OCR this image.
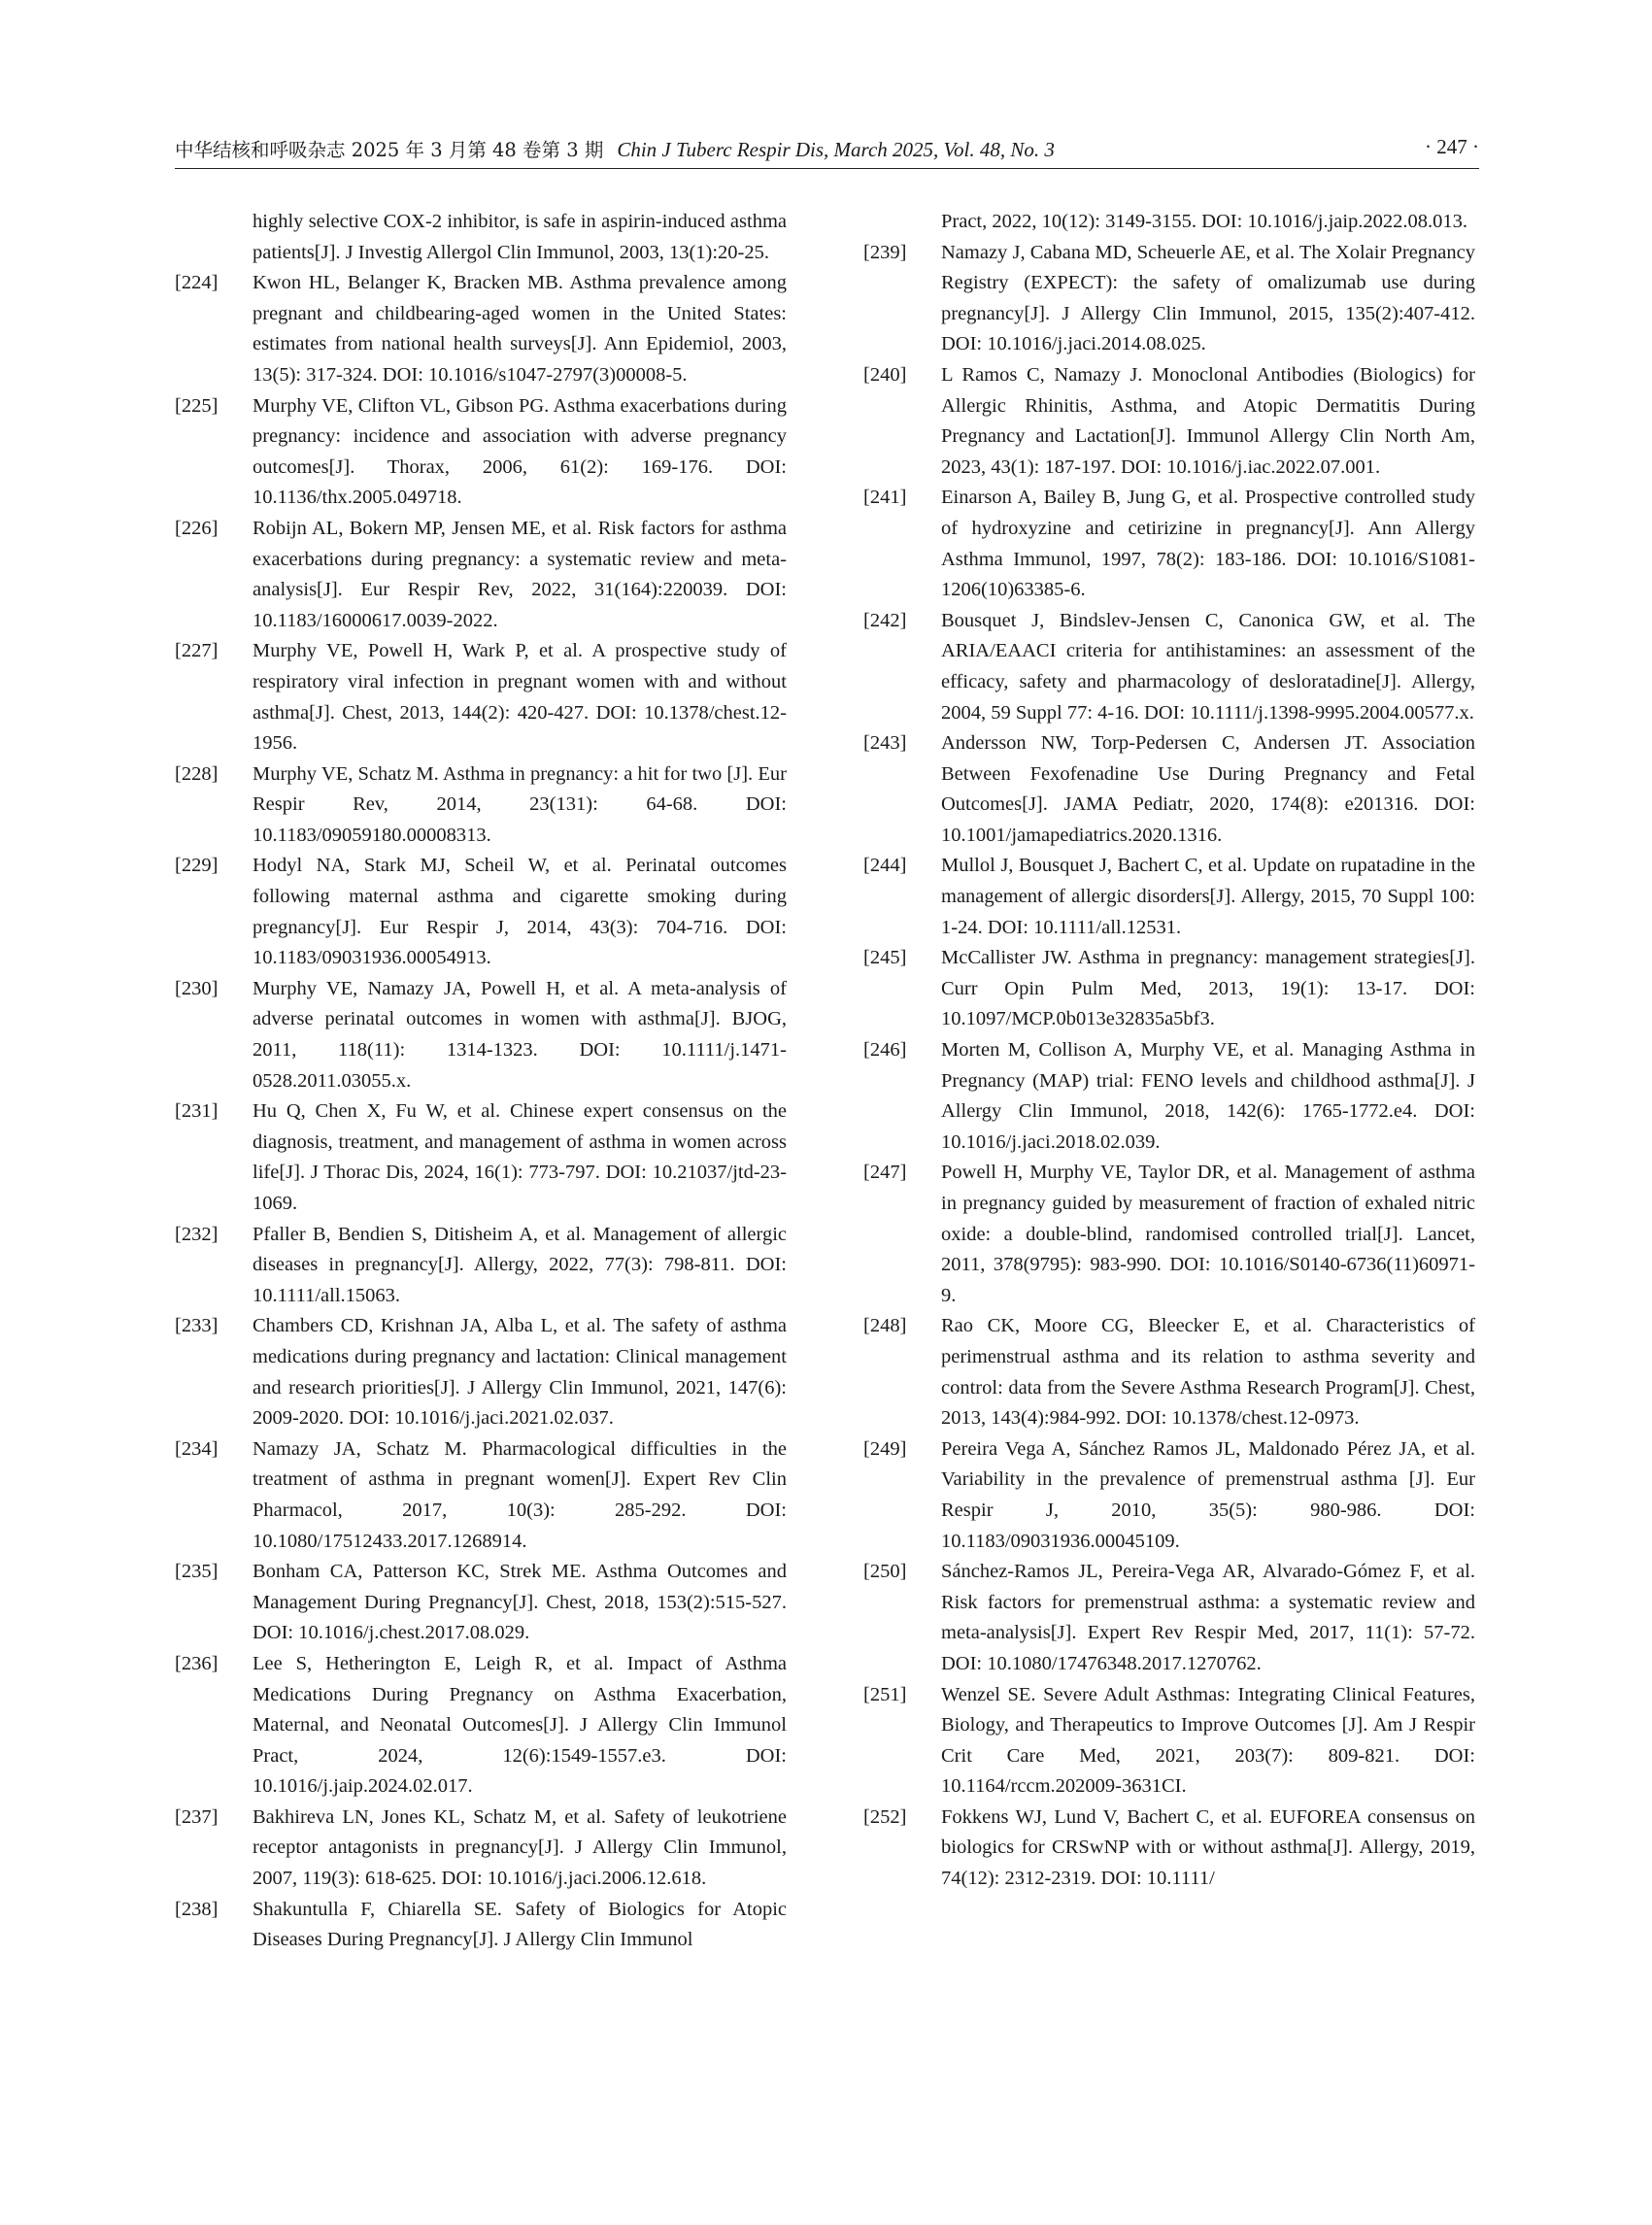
中华结核和呼吸杂志 2025 年 3 月第 48 卷第 3 期 Chin J Tuberc Respir Dis, March 2025, Vol. 48, No. 3	· 247 ·
highly selective COX-2 inhibitor, is safe in aspirin-induced asthma patients[J]. J Investig Allergol Clin Immunol, 2003, 13(1):20-25.
[224]	Kwon HL, Belanger K, Bracken MB. Asthma prevalence among pregnant and childbearing-aged women in the United States: estimates from national health surveys[J]. Ann Epidemiol, 2003, 13(5): 317-324. DOI: 10.1016/s1047-2797(3)00008-5.
[225]	Murphy VE, Clifton VL, Gibson PG. Asthma exacerbations during pregnancy: incidence and association with adverse pregnancy outcomes[J]. Thorax, 2006, 61(2): 169-176. DOI: 10.1136/thx.2005.049718.
[226]	Robijn AL, Bokern MP, Jensen ME, et al. Risk factors for asthma exacerbations during pregnancy: a systematic review and meta-analysis[J]. Eur Respir Rev, 2022, 31(164):220039. DOI: 10.1183/16000617.0039-2022.
[227]	Murphy VE, Powell H, Wark P, et al. A prospective study of respiratory viral infection in pregnant women with and without asthma[J]. Chest, 2013, 144(2): 420-427. DOI: 10.1378/chest.12-1956.
[228]	Murphy VE, Schatz M. Asthma in pregnancy: a hit for two [J]. Eur Respir Rev, 2014, 23(131): 64-68. DOI: 10.1183/09059180.00008313.
[229]	Hodyl NA, Stark MJ, Scheil W, et al. Perinatal outcomes following maternal asthma and cigarette smoking during pregnancy[J]. Eur Respir J, 2014, 43(3): 704-716. DOI: 10.1183/09031936.00054913.
[230]	Murphy VE, Namazy JA, Powell H, et al. A meta-analysis of adverse perinatal outcomes in women with asthma[J]. BJOG, 2011, 118(11): 1314-1323. DOI: 10.1111/j.1471-0528.2011.03055.x.
[231]	Hu Q, Chen X, Fu W, et al. Chinese expert consensus on the diagnosis, treatment, and management of asthma in women across life[J]. J Thorac Dis, 2024, 16(1): 773-797. DOI: 10.21037/jtd-23-1069.
[232]	Pfaller B, Bendien S, Ditisheim A, et al. Management of allergic diseases in pregnancy[J]. Allergy, 2022, 77(3): 798-811. DOI: 10.1111/all.15063.
[233]	Chambers CD, Krishnan JA, Alba L, et al. The safety of asthma medications during pregnancy and lactation: Clinical management and research priorities[J]. J Allergy Clin Immunol, 2021, 147(6): 2009-2020. DOI: 10.1016/j.jaci.2021.02.037.
[234]	Namazy JA, Schatz M. Pharmacological difficulties in the treatment of asthma in pregnant women[J]. Expert Rev Clin Pharmacol, 2017, 10(3): 285-292. DOI: 10.1080/17512433.2017.1268914.
[235]	Bonham CA, Patterson KC, Strek ME. Asthma Outcomes and Management During Pregnancy[J]. Chest, 2018, 153(2):515-527. DOI: 10.1016/j.chest.2017.08.029.
[236]	Lee S, Hetherington E, Leigh R, et al. Impact of Asthma Medications During Pregnancy on Asthma Exacerbation, Maternal, and Neonatal Outcomes[J]. J Allergy Clin Immunol Pract, 2024, 12(6):1549-1557.e3. DOI: 10.1016/j.jaip.2024.02.017.
[237]	Bakhireva LN, Jones KL, Schatz M, et al. Safety of leukotriene receptor antagonists in pregnancy[J]. J Allergy Clin Immunol, 2007, 119(3): 618-625. DOI: 10.1016/j.jaci.2006.12.618.
[238]	Shakuntulla F, Chiarella SE. Safety of Biologics for Atopic Diseases During Pregnancy[J]. J Allergy Clin Immunol
Pract, 2022, 10(12): 3149-3155. DOI: 10.1016/j.jaip.2022.08.013.
[239]	Namazy J, Cabana MD, Scheuerle AE, et al. The Xolair Pregnancy Registry (EXPECT): the safety of omalizumab use during pregnancy[J]. J Allergy Clin Immunol, 2015, 135(2):407-412. DOI: 10.1016/j.jaci.2014.08.025.
[240]	L Ramos C, Namazy J. Monoclonal Antibodies (Biologics) for Allergic Rhinitis, Asthma, and Atopic Dermatitis During Pregnancy and Lactation[J]. Immunol Allergy Clin North Am, 2023, 43(1): 187-197. DOI: 10.1016/j.iac.2022.07.001.
[241]	Einarson A, Bailey B, Jung G, et al. Prospective controlled study of hydroxyzine and cetirizine in pregnancy[J]. Ann Allergy Asthma Immunol, 1997, 78(2): 183-186. DOI: 10.1016/S1081-1206(10)63385-6.
[242]	Bousquet J, Bindslev-Jensen C, Canonica GW, et al. The ARIA/EAACI criteria for antihistamines: an assessment of the efficacy, safety and pharmacology of desloratadine[J]. Allergy, 2004, 59 Suppl 77: 4-16. DOI: 10.1111/j.1398-9995.2004.00577.x.
[243]	Andersson NW, Torp-Pedersen C, Andersen JT. Association Between Fexofenadine Use During Pregnancy and Fetal Outcomes[J]. JAMA Pediatr, 2020, 174(8): e201316. DOI: 10.1001/jamapediatrics.2020.1316.
[244]	Mullol J, Bousquet J, Bachert C, et al. Update on rupatadine in the management of allergic disorders[J]. Allergy, 2015, 70 Suppl 100: 1-24. DOI: 10.1111/all.12531.
[245]	McCallister JW. Asthma in pregnancy: management strategies[J]. Curr Opin Pulm Med, 2013, 19(1): 13-17. DOI: 10.1097/MCP.0b013e32835a5bf3.
[246]	Morten M, Collison A, Murphy VE, et al. Managing Asthma in Pregnancy (MAP) trial: FENO levels and childhood asthma[J]. J Allergy Clin Immunol, 2018, 142(6): 1765-1772.e4. DOI: 10.1016/j.jaci.2018.02.039.
[247]	Powell H, Murphy VE, Taylor DR, et al. Management of asthma in pregnancy guided by measurement of fraction of exhaled nitric oxide: a double-blind, randomised controlled trial[J]. Lancet, 2011, 378(9795): 983-990. DOI: 10.1016/S0140-6736(11)60971-9.
[248]	Rao CK, Moore CG, Bleecker E, et al. Characteristics of perimenstrual asthma and its relation to asthma severity and control: data from the Severe Asthma Research Program[J]. Chest, 2013, 143(4):984-992. DOI: 10.1378/chest.12-0973.
[249]	Pereira Vega A, Sánchez Ramos JL, Maldonado Pérez JA, et al. Variability in the prevalence of premenstrual asthma [J]. Eur Respir J, 2010, 35(5): 980-986. DOI: 10.1183/09031936.00045109.
[250]	Sánchez-Ramos JL, Pereira-Vega AR, Alvarado-Gómez F, et al. Risk factors for premenstrual asthma: a systematic review and meta-analysis[J]. Expert Rev Respir Med, 2017, 11(1): 57-72. DOI: 10.1080/17476348.2017.1270762.
[251]	Wenzel SE. Severe Adult Asthmas: Integrating Clinical Features, Biology, and Therapeutics to Improve Outcomes [J]. Am J Respir Crit Care Med, 2021, 203(7): 809-821. DOI: 10.1164/rccm.202009-3631CI.
[252]	Fokkens WJ, Lund V, Bachert C, et al. EUFOREA consensus on biologics for CRSwNP with or without asthma[J]. Allergy, 2019, 74(12): 2312-2319. DOI: 10.1111/
